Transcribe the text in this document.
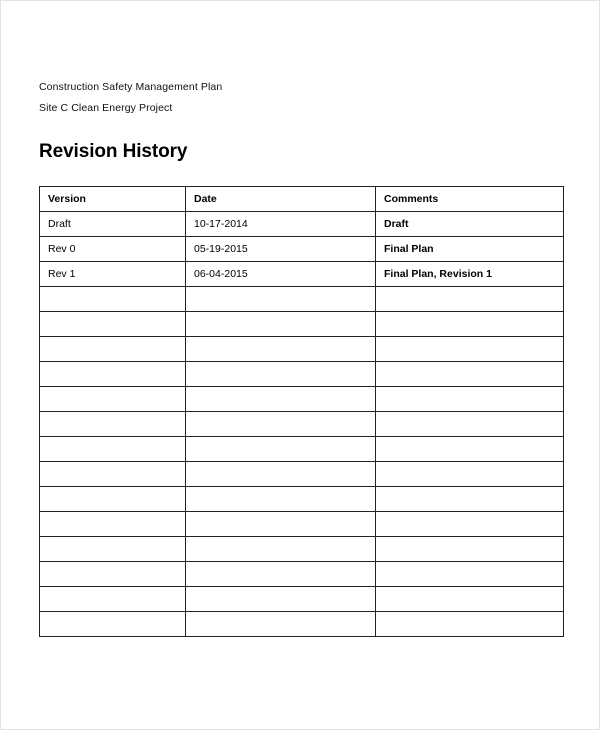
Construction Safety Management Plan
Site C Clean Energy Project
Revision History
Version	Date	Comments
Draft	10-17-2014	Draft
Rev 0	05-19-2015	Final Plan
Rev 1	06-04-2015	Final Plan, Revision 1
